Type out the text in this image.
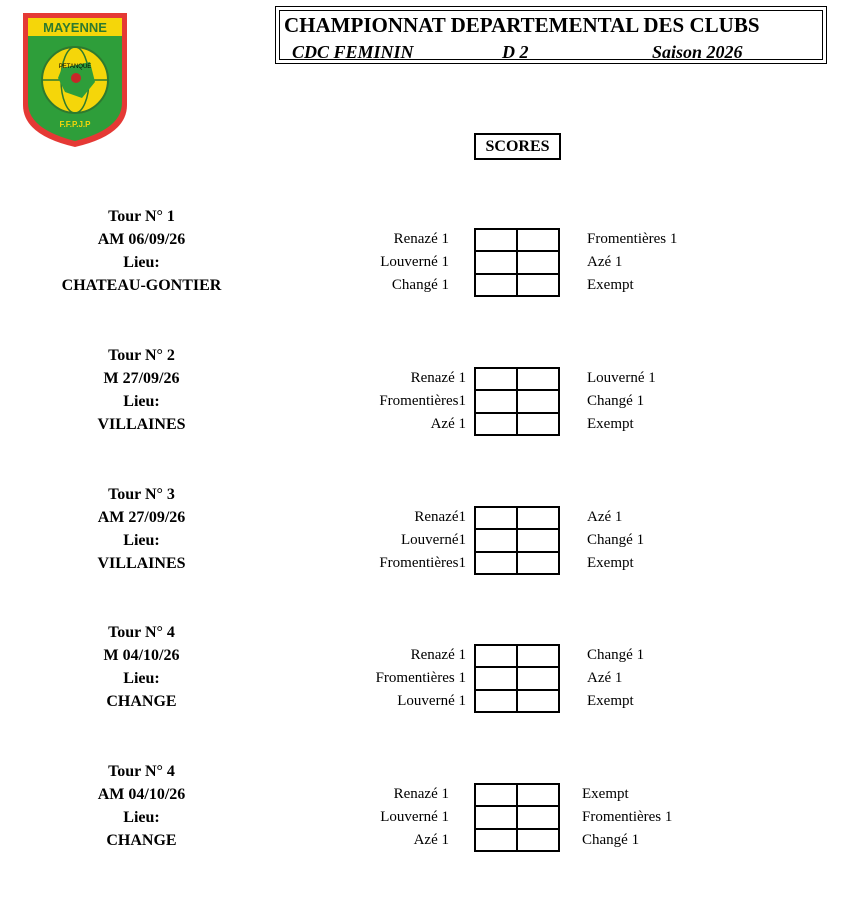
MAYENNE
PETANQUE
F.F.P.J.P
CHAMPIONNAT DEPARTEMENTAL DES CLUBS
CDC FEMININ	D 2	Saison 2026
SCORES
Tour N° 1
AM 06/09/26
Lieu:
CHATEAU-GONTIER
Renazé 1	Fromentières 1
Louverné 1	Azé 1
Changé 1	Exempt
Tour N° 2
M 27/09/26
Lieu:
VILLAINES
Renazé 1	Louverné 1
Fromentières1	Changé 1
Azé 1	Exempt
Tour N° 3
AM 27/09/26
Lieu:
VILLAINES
Renazé1	Azé 1
Louverné1	Changé 1
Fromentières1	Exempt
Tour N° 4
M 04/10/26
Lieu:
CHANGE
Renazé 1	Changé 1
Fromentières 1	Azé 1
Louverné 1	Exempt
Tour N° 4
AM 04/10/26
Lieu:
CHANGE
Renazé 1	Exempt
Louverné 1	Fromentières 1
Azé 1	Changé 1
